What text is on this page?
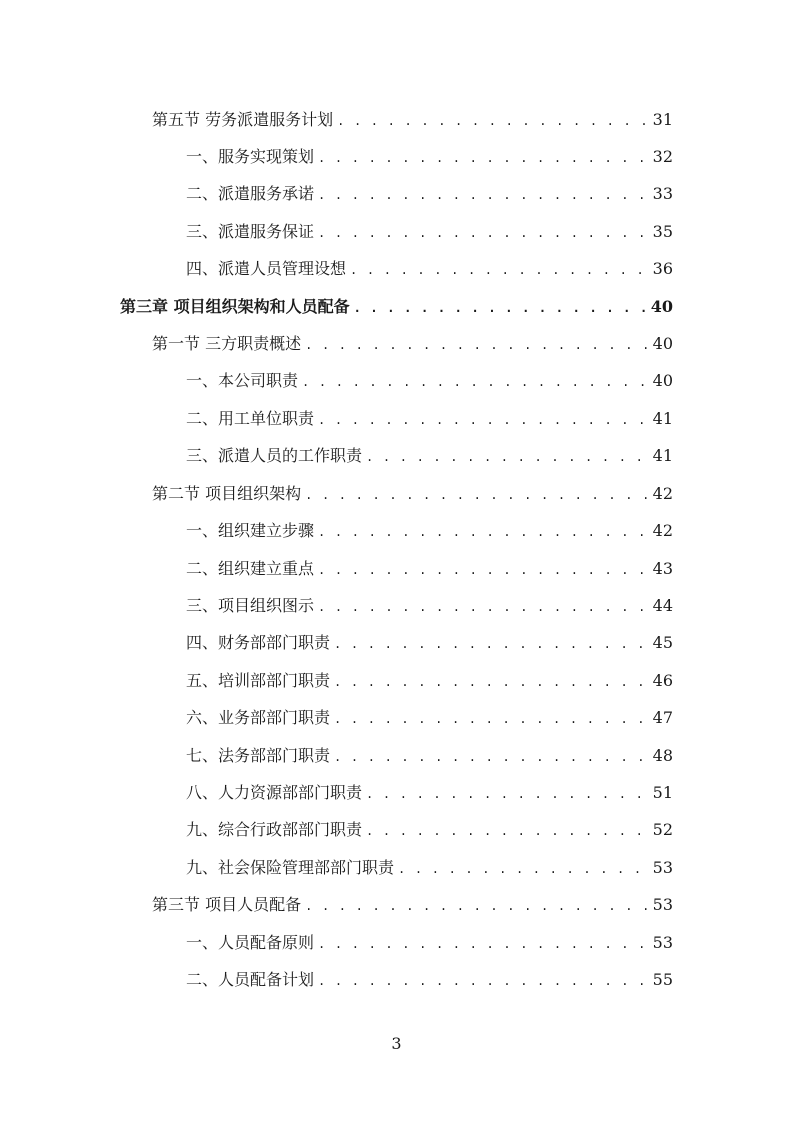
第五节 劳务派遣服务计划 . . .	31
一、服务实现策划 . . .	32
二、派遣服务承诺 . . .	33
三、派遣服务保证 . . .	35
四、派遣人员管理设想 . . .	36
第三章 项目组织架构和人员配备 . . .	40
第一节 三方职责概述 . . .	40
一、本公司职责 . . .	40
二、用工单位职责 . . .	41
三、派遣人员的工作职责 . . .	41
第二节 项目组织架构 . . .	42
一、组织建立步骤 . . .	42
二、组织建立重点 . . .	43
三、项目组织图示 . . .	44
四、财务部部门职责 . . .	45
五、培训部部门职责 . . .	46
六、业务部部门职责 . . .	47
七、法务部部门职责 . . .	48
八、人力资源部部门职责 . . .	51
九、综合行政部部门职责 . . .	52
九、社会保险管理部部门职责 . . .	53
第三节 项目人员配备 . . .	53
一、人员配备原则 . . .	53
二、人员配备计划 . . .	55
3
